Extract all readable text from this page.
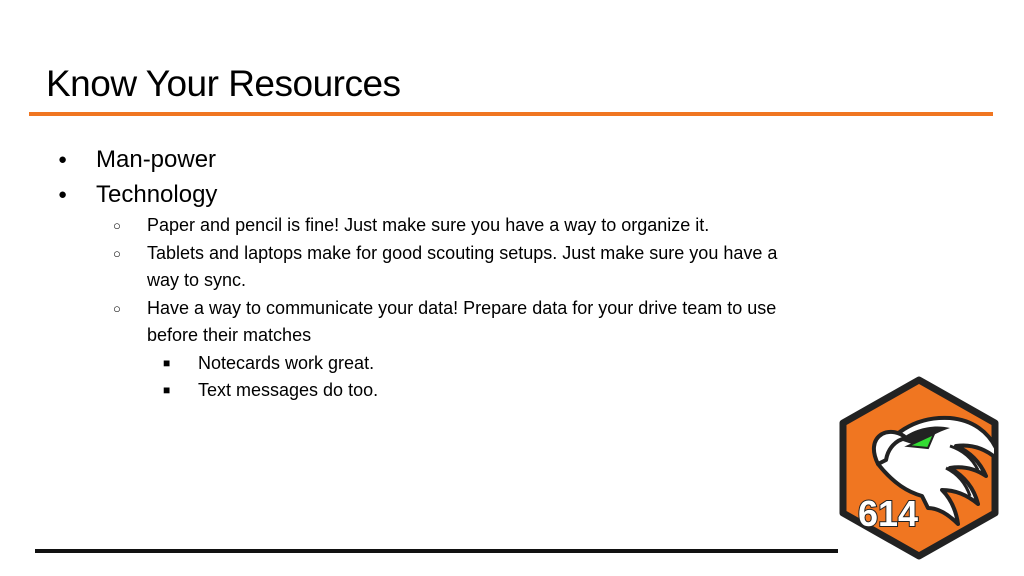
Know Your Resources
● Man-power
● Technology
○ Paper and pencil is fine! Just make sure you have a way to organize it.
○ Tablets and laptops make for good scouting setups. Just make sure you have a way to sync.
○ Have a way to communicate your data! Prepare data for your drive team to use before their matches
■ Notecards work great.
■ Text messages do too.
614
